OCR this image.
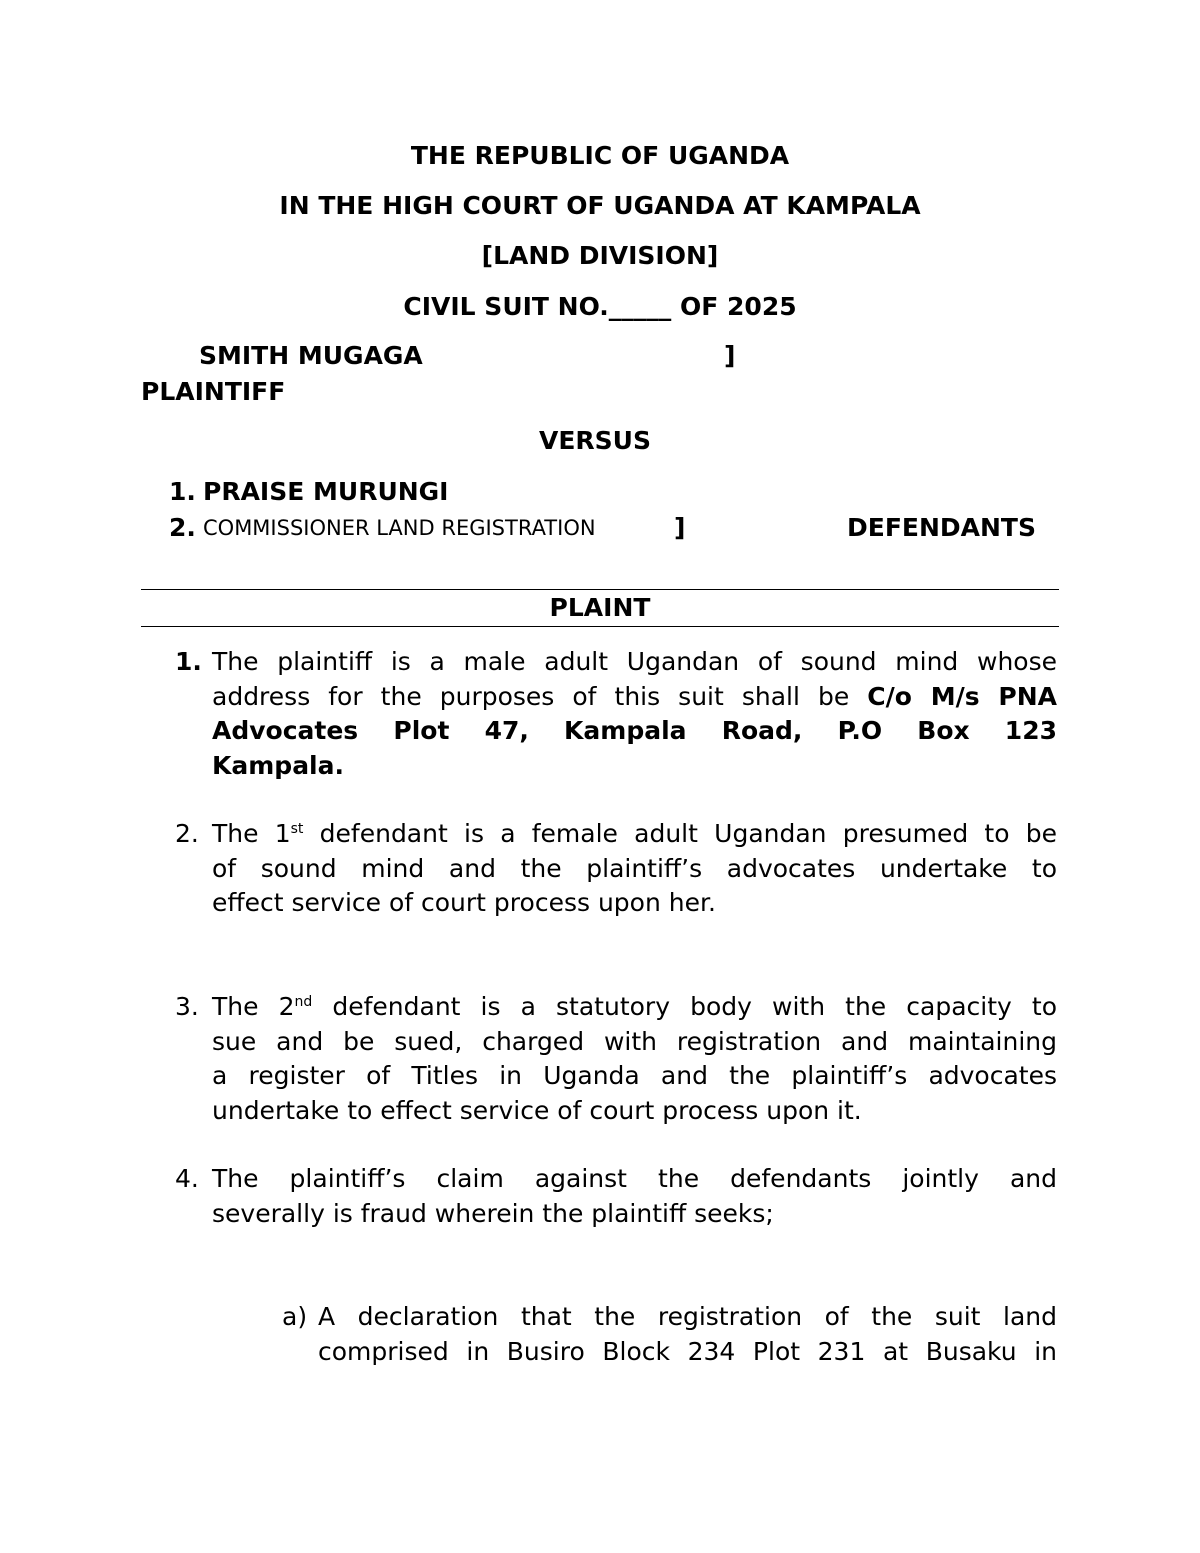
THE REPUBLIC OF UGANDA
IN THE HIGH COURT OF UGANDA AT KAMPALA
[LAND DIVISION]
CIVIL SUIT NO._____ OF 2025
SMITH MUGAGA	]
PLAINTIFF
VERSUS
1. PRAISE MURUNGI
2. COMMISSIONER LAND REGISTRATION	]	DEFENDANTS
PLAINT
1. The plaintiff is a male adult Ugandan of sound mind whose
address for the purposes of this suit shall be C/o M/s PNA
Advocates Plot 47, Kampala Road, P.O Box 123
Kampala.
2. The 1st defendant is a female adult Ugandan presumed to be
of sound mind and the plaintiff’s advocates undertake to
effect service of court process upon her.
3. The 2nd defendant is a statutory body with the capacity to
sue and be sued, charged with registration and maintaining
a register of Titles in Uganda and the plaintiff’s advocates
undertake to effect service of court process upon it.
4. The plaintiff’s claim against the defendants jointly and
severally is fraud wherein the plaintiff seeks;
a) A declaration that the registration of the suit land
comprised in Busiro Block 234 Plot 231 at Busaku in
